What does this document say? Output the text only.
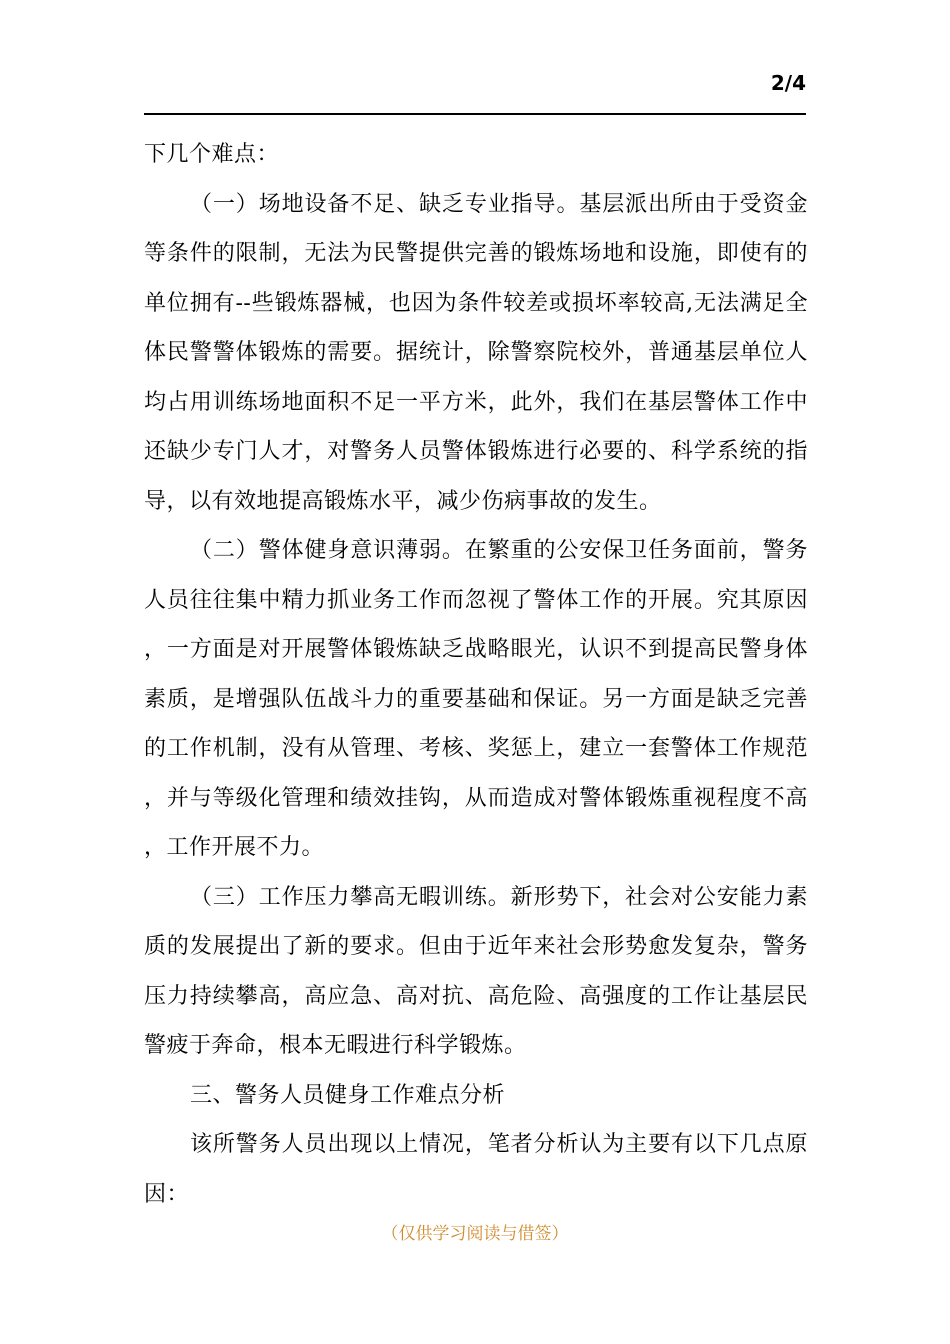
2/4

下几个难点：

（一）场地设备不足、缺乏专业指导。基层派出所由于受资金等条件的限制，无法为民警提供完善的锻炼场地和设施，即使有的单位拥有--些锻炼器械，也因为条件较差或损坏率较高,无法满足全体民警警体锻炼的需要。据统计，除警察院校外，普通基层单位人均占用训练场地面积不足一平方米，此外，我们在基层警体工作中还缺少专门人才，对警务人员警体锻炼进行必要的、科学系统的指导，以有效地提高锻炼水平，减少伤病事故的发生。

（二）警体健身意识薄弱。在繁重的公安保卫任务面前，警务人员往往集中精力抓业务工作而忽视了警体工作的开展。究其原因，一方面是对开展警体锻炼缺乏战略眼光，认识不到提高民警身体素质，是增强队伍战斗力的重要基础和保证。另一方面是缺乏完善的工作机制，没有从管理、考核、奖惩上，建立一套警体工作规范，并与等级化管理和绩效挂钩，从而造成对警体锻炼重视程度不高，工作开展不力。

（三）工作压力攀高无暇训练。新形势下，社会对公安能力素质的发展提出了新的要求。但由于近年来社会形势愈发复杂，警务压力持续攀高，高应急、高对抗、高危险、高强度的工作让基层民警疲于奔命，根本无暇进行科学锻炼。

三、警务人员健身工作难点分析

该所警务人员出现以上情况，笔者分析认为主要有以下几点原因：

（仅供学习阅读与借签）
